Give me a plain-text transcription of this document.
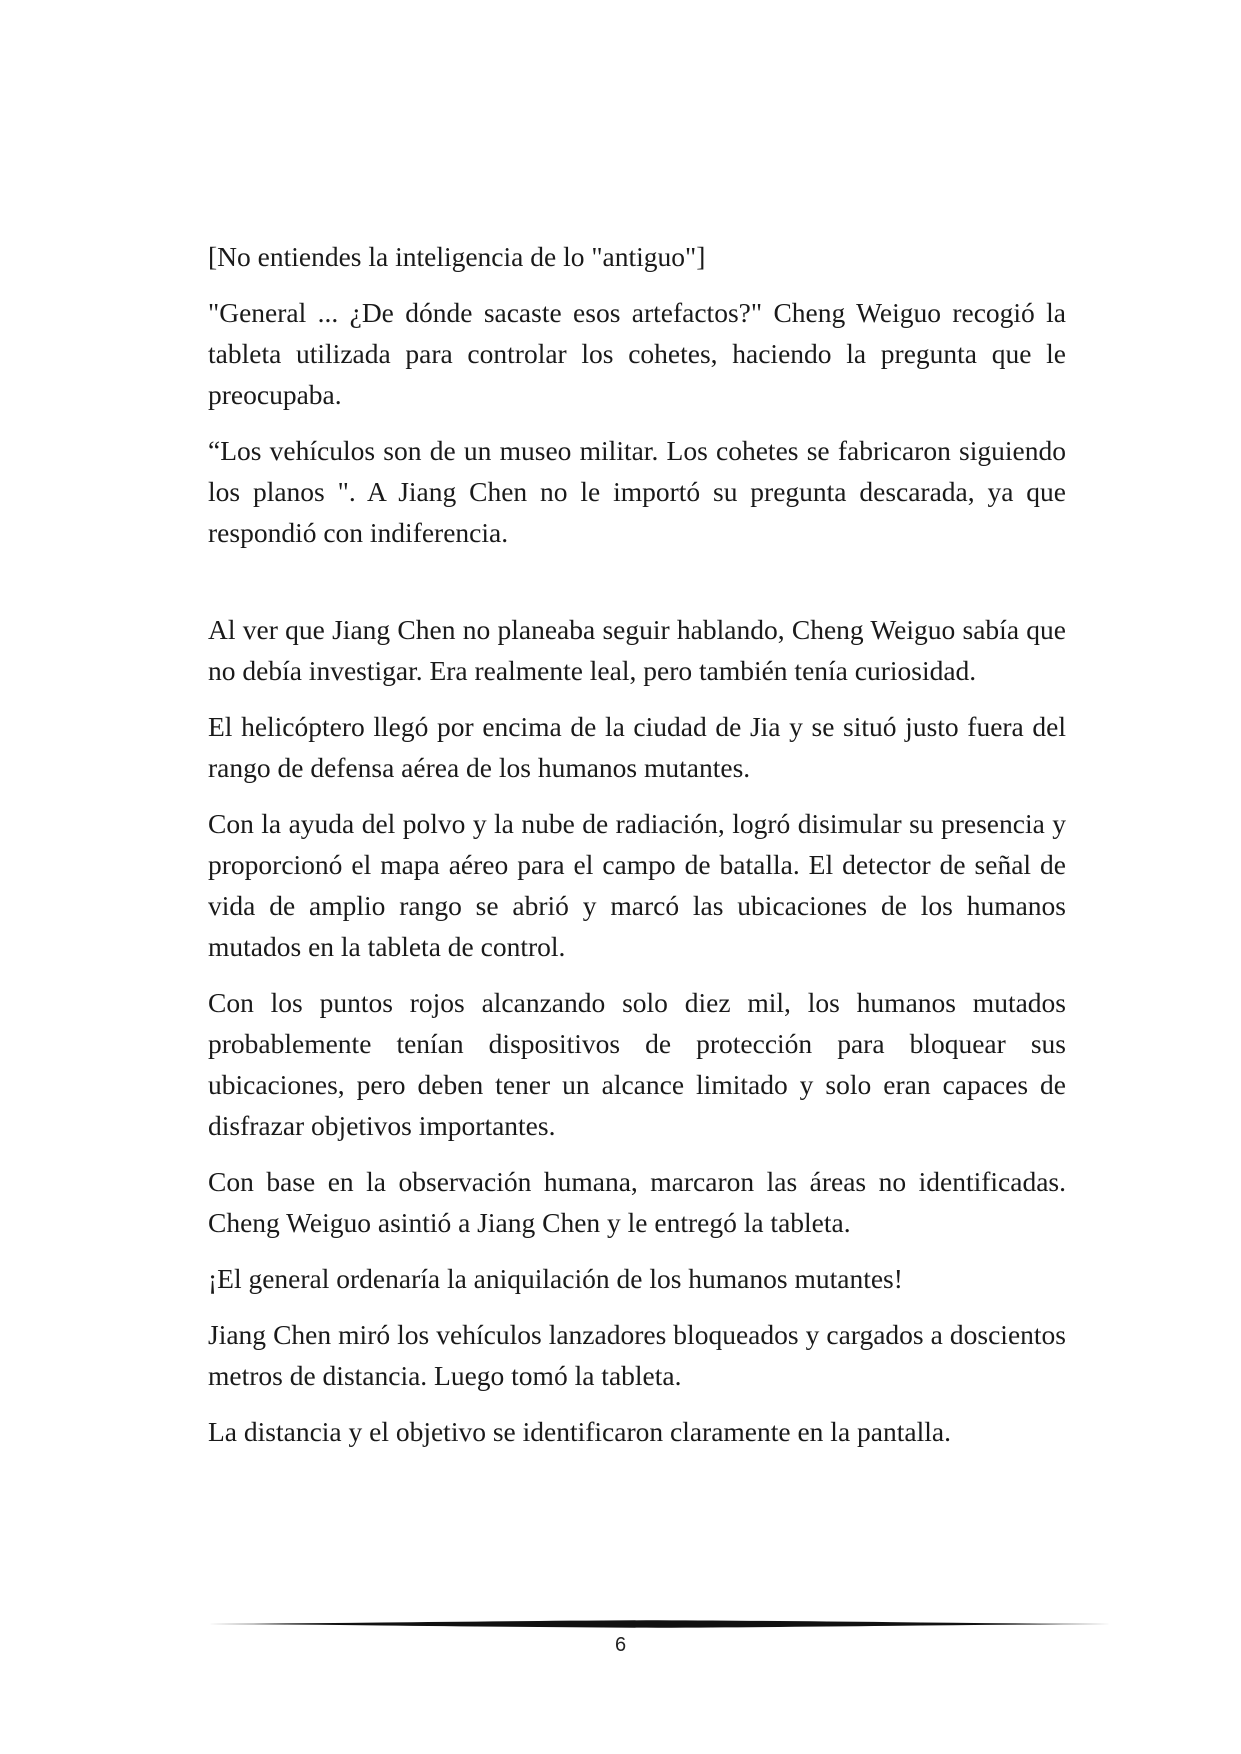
[No entiendes la inteligencia de lo "antiguo"]

"General ... ¿De dónde sacaste esos artefactos?" Cheng Weiguo recogió la tableta utilizada para controlar los cohetes, haciendo la pregunta que le preocupaba.

“Los vehículos son de un museo militar. Los cohetes se fabricaron siguiendo los planos ". A Jiang Chen no le importó su pregunta descarada, ya que respondió con indiferencia.

Al ver que Jiang Chen no planeaba seguir hablando, Cheng Weiguo sabía que no debía investigar. Era realmente leal, pero también tenía curiosidad.

El helicóptero llegó por encima de la ciudad de Jia y se situó justo fuera del rango de defensa aérea de los humanos mutantes.

Con la ayuda del polvo y la nube de radiación, logró disimular su presencia y proporcionó el mapa aéreo para el campo de batalla. El detector de señal de vida de amplio rango se abrió y marcó las ubicaciones de los humanos mutados en la tableta de control.

Con los puntos rojos alcanzando solo diez mil, los humanos mutados probablemente tenían dispositivos de protección para bloquear sus ubicaciones, pero deben tener un alcance limitado y solo eran capaces de disfrazar objetivos importantes.

Con base en la observación humana, marcaron las áreas no identificadas. Cheng Weiguo asintió a Jiang Chen y le entregó la tableta.

¡El general ordenaría la aniquilación de los humanos mutantes!

Jiang Chen miró los vehículos lanzadores bloqueados y cargados a doscientos metros de distancia. Luego tomó la tableta.

La distancia y el objetivo se identificaron claramente en la pantalla.

6
